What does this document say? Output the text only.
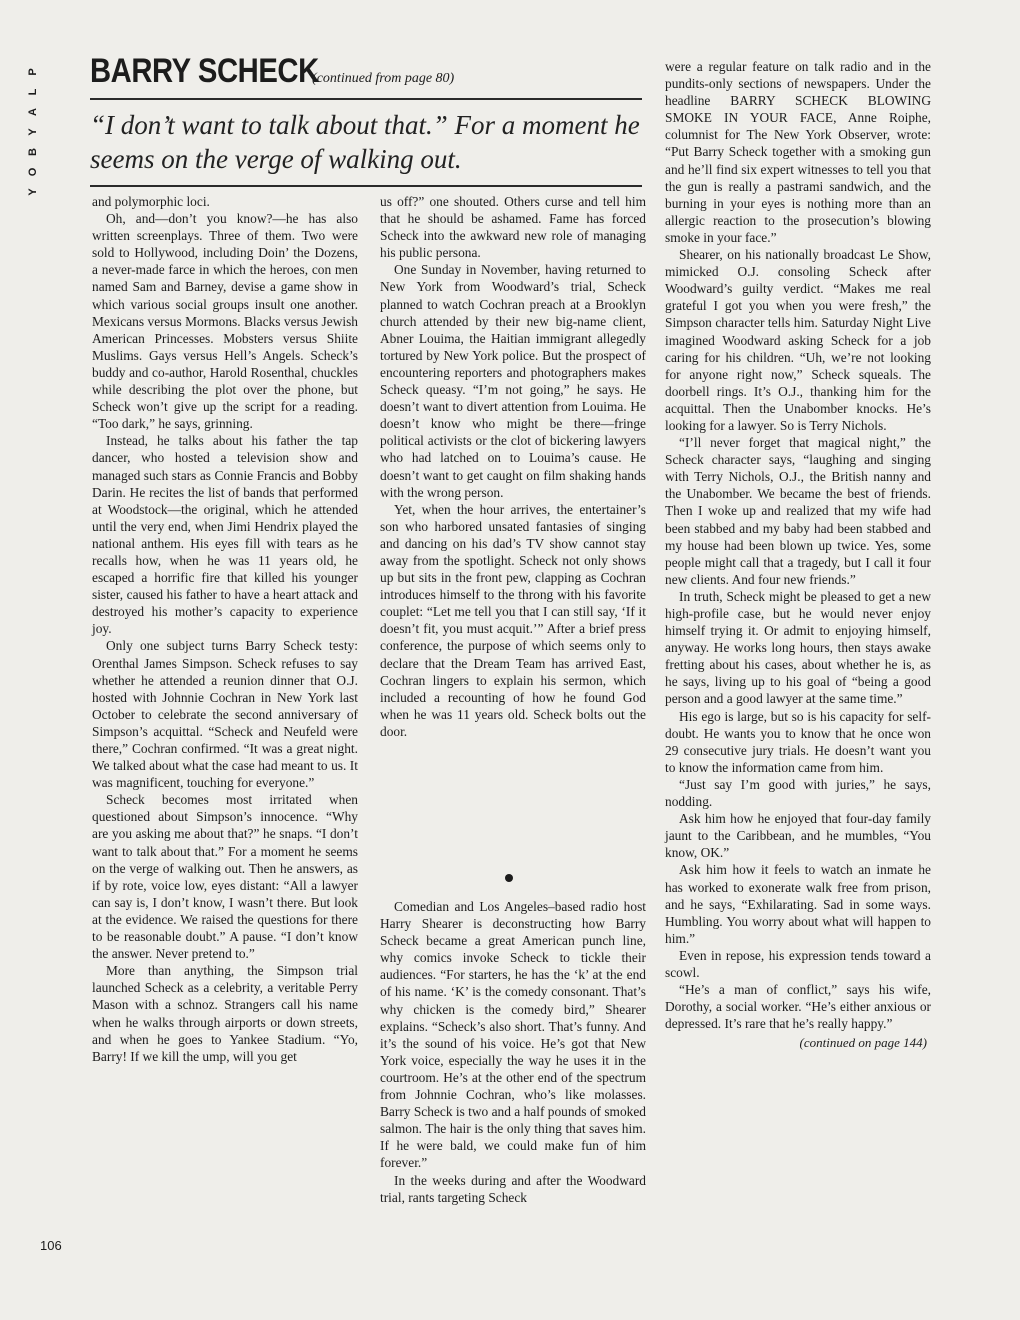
P
L
A
Y
B
O
Y
BARRY SCHECK (continued from page 80)
“I don’t want to talk about that.” For a moment he seems on the verge of walking out.

and polymorphic loci.

Oh, and—don’t you know?—he has also written screenplays. Three of them. Two were sold to Hollywood, including Doin’ the Dozens, a never-made farce in which the heroes, con men named Sam and Barney, devise a game show in which various social groups insult one another. Mexicans versus Mormons. Blacks versus Jewish American Princesses. Mobsters versus Shiite Muslims. Gays versus Hell’s Angels. Scheck’s buddy and co-author, Harold Rosenthal, chuckles while describing the plot over the phone, but Scheck won’t give up the script for a reading. “Too dark,” he says, grinning.

Instead, he talks about his father the tap dancer, who hosted a television show and managed such stars as Connie Francis and Bobby Darin. He recites the list of bands that performed at Woodstock—the original, which he attended until the very end, when Jimi Hendrix played the national anthem. His eyes fill with tears as he recalls how, when he was 11 years old, he escaped a horrific fire that killed his younger sister, caused his father to have a heart attack and destroyed his mother’s capacity to experience joy.

Only one subject turns Barry Scheck testy: Orenthal James Simpson. Scheck refuses to say whether he attended a reunion dinner that O.J. hosted with Johnnie Cochran in New York last October to celebrate the second anniversary of Simpson’s acquittal. “Scheck and Neufeld were there,” Cochran confirmed. “It was a great night. We talked about what the case had meant to us. It was magnificent, touching for everyone.”

Scheck becomes most irritated when questioned about Simpson’s innocence. “Why are you asking me about that?” he snaps. “I don’t want to talk about that.” For a moment he seems on the verge of walking out. Then he answers, as if by rote, voice low, eyes distant: “All a lawyer can say is, I don’t know, I wasn’t there. But look at the evidence. We raised the questions for there to be reasonable doubt.” A pause. “I don’t know the answer. Never pretend to.”

More than anything, the Simpson trial launched Scheck as a celebrity, a veritable Perry Mason with a schnoz. Strangers call his name when he walks through airports or down streets, and when he goes to Yankee Stadium. “Yo, Barry! If we kill the ump, will you get

us off?” one shouted. Others curse and tell him that he should be ashamed. Fame has forced Scheck into the awkward new role of managing his public persona.

One Sunday in November, having returned to New York from Woodward’s trial, Scheck planned to watch Cochran preach at a Brooklyn church attended by their new big-name client, Abner Louima, the Haitian immigrant allegedly tortured by New York police. But the prospect of encountering reporters and photographers makes Scheck queasy. “I’m not going,” he says. He doesn’t want to divert attention from Louima. He doesn’t know who might be there—fringe political activists or the clot of bickering lawyers who had latched on to Louima’s cause. He doesn’t want to get caught on film shaking hands with the wrong person.

Yet, when the hour arrives, the entertainer’s son who harbored unsated fantasies of singing and dancing on his dad’s TV show cannot stay away from the spotlight. Scheck not only shows up but sits in the front pew, clapping as Cochran introduces himself to the throng with his favorite couplet: “Let me tell you that I can still say, ‘If it doesn’t fit, you must acquit.’” After a brief press conference, the purpose of which seems only to declare that the Dream Team has arrived East, Cochran lingers to explain his sermon, which included a recounting of how he found God when he was 11 years old. Scheck bolts out the door.

Comedian and Los Angeles–based radio host Harry Shearer is deconstructing how Barry Scheck became a great American punch line, why comics invoke Scheck to tickle their audiences. “For starters, he has the ‘k’ at the end of his name. ‘K’ is the comedy consonant. That’s why chicken is the comedy bird,” Shearer explains. “Scheck’s also short. That’s funny. And it’s the sound of his voice. He’s got that New York voice, especially the way he uses it in the courtroom. He’s at the other end of the spectrum from Johnnie Cochran, who’s like molasses. Barry Scheck is two and a half pounds of smoked salmon. The hair is the only thing that saves him. If he were bald, we could make fun of him forever.”

In the weeks during and after the Woodward trial, rants targeting Scheck

were a regular feature on talk radio and in the pundits-only sections of newspapers. Under the headline BARRY SCHECK BLOWING SMOKE IN YOUR FACE, Anne Roiphe, columnist for The New York Observer, wrote: “Put Barry Scheck together with a smoking gun and he’ll find six expert witnesses to tell you that the gun is really a pastrami sandwich, and the burning in your eyes is nothing more than an allergic reaction to the prosecution’s blowing smoke in your face.”

Shearer, on his nationally broadcast Le Show, mimicked O.J. consoling Scheck after Woodward’s guilty verdict. “Makes me real grateful I got you when you were fresh,” the Simpson character tells him. Saturday Night Live imagined Woodward asking Scheck for a job caring for his children. “Uh, we’re not looking for anyone right now,” Scheck squeals. The doorbell rings. It’s O.J., thanking him for the acquittal. Then the Unabomber knocks. He’s looking for a lawyer. So is Terry Nichols.

“I’ll never forget that magical night,” the Scheck character says, “laughing and singing with Terry Nichols, O.J., the British nanny and the Unabomber. We became the best of friends. Then I woke up and realized that my wife had been stabbed and my baby had been stabbed and my house had been blown up twice. Yes, some people might call that a tragedy, but I call it four new clients. And four new friends.”

In truth, Scheck might be pleased to get a new high-profile case, but he would never enjoy himself trying it. Or admit to enjoying himself, anyway. He works long hours, then stays awake fretting about his cases, about whether he is, as he says, living up to his goal of “being a good person and a good lawyer at the same time.”

His ego is large, but so is his capacity for self-doubt. He wants you to know that he once won 29 consecutive jury trials. He doesn’t want you to know the information came from him.

“Just say I’m good with juries,” he says, nodding.

Ask him how he enjoyed that four-day family jaunt to the Caribbean, and he mumbles, “You know, OK.”

Ask him how it feels to watch an inmate he has worked to exonerate walk free from prison, and he says, “Exhilarating. Sad in some ways. Humbling. You worry about what will happen to him.”

Even in repose, his expression tends toward a scowl.

“He’s a man of conflict,” says his wife, Dorothy, a social worker. “He’s either anxious or depressed. It’s rare that he’s really happy.”

(continued on page 144)
106
